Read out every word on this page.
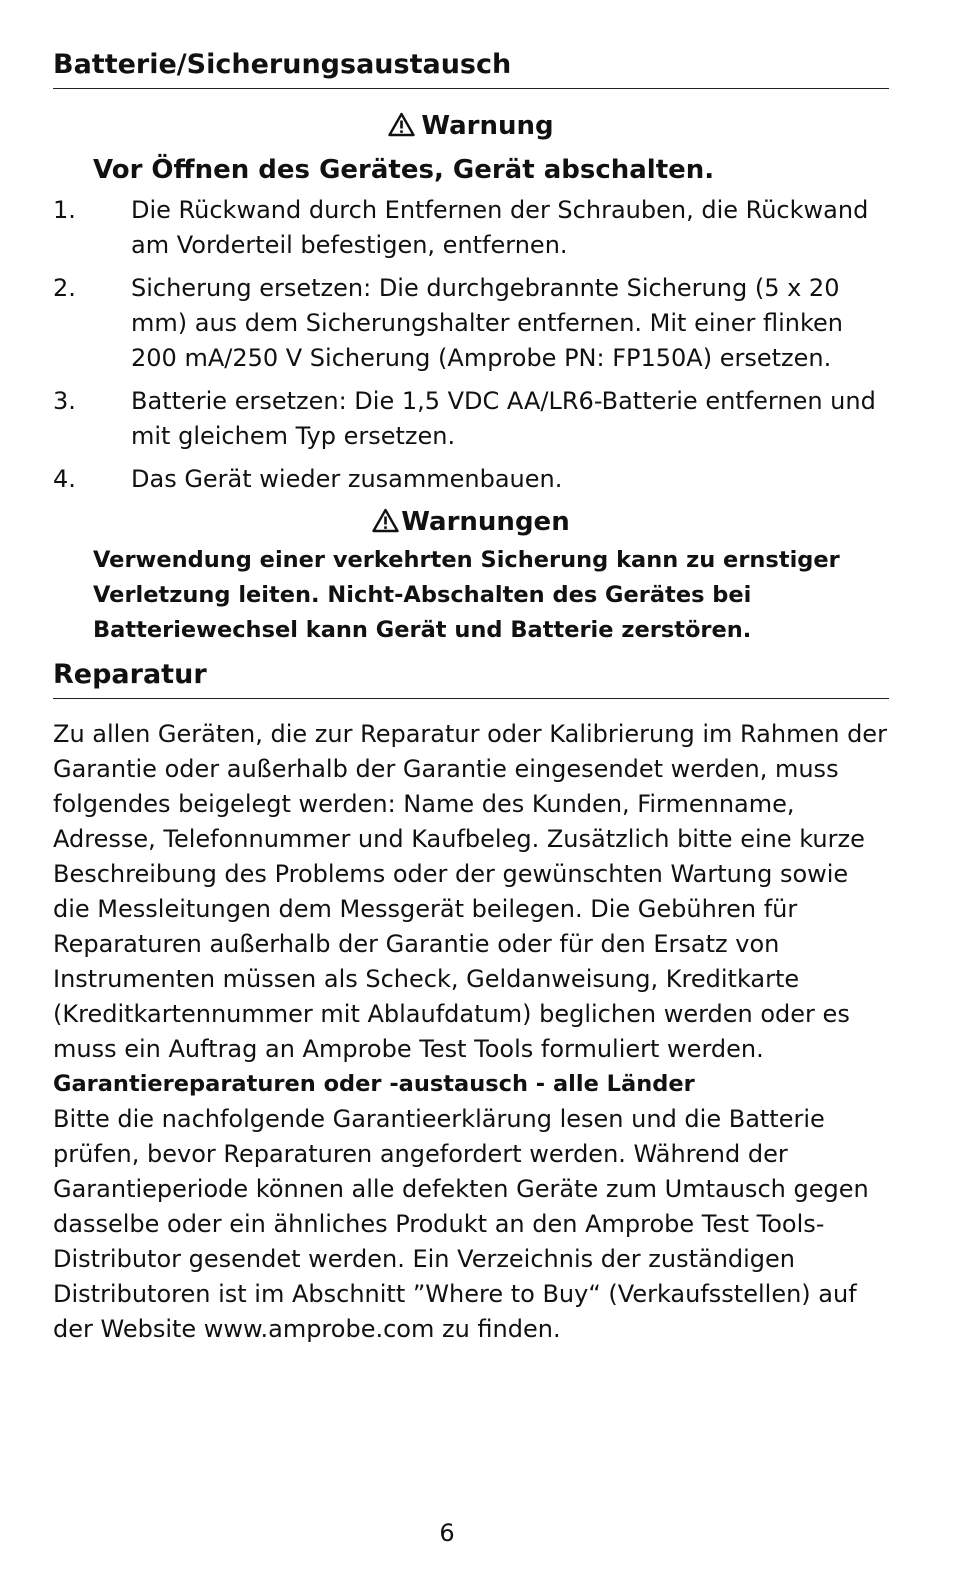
Batterie/Sicherungsaustausch
Warnung
Vor Öffnen des Gerätes, Gerät abschalten.
1.	Die Rückwand durch Entfernen der Schrauben, die Rückwand am Vorderteil befestigen, entfernen.
2.	Sicherung ersetzen: Die durchgebrannte Sicherung (5 x 20 mm) aus dem Sicherungshalter entfernen. Mit einer flinken 200 mA/250 V Sicherung (Amprobe PN: FP150A) ersetzen.
3.	Batterie ersetzen: Die 1,5 VDC AA/LR6-Batterie entfernen und mit gleichem Typ ersetzen.
4.	Das Gerät wieder zusammenbauen.
Warnungen
Verwendung einer verkehrten Sicherung kann zu ernstiger Verletzung leiten. Nicht-Abschalten des Gerätes bei Batteriewechsel kann Gerät und Batterie zerstören.
Reparatur
Zu allen Geräten, die zur Reparatur oder Kalibrierung im Rahmen der Garantie oder außerhalb der Garantie eingesendet werden, muss folgendes beigelegt werden: Name des Kunden, Firmenname, Adresse, Telefonnummer und Kaufbeleg. Zusätzlich bitte eine kurze Beschreibung des Problems oder der gewünschten Wartung sowie die Messleitungen dem Messgerät beilegen. Die Gebühren für Reparaturen außerhalb der Garantie oder für den Ersatz von Instrumenten müssen als Scheck, Geldanweisung, Kreditkarte (Kreditkartennummer mit Ablaufdatum) beglichen werden oder es muss ein Auftrag an Amprobe Test Tools formuliert werden.
Garantiereparaturen oder -austausch - alle Länder
Bitte die nachfolgende Garantieerklärung lesen und die Batterie prüfen, bevor Reparaturen angefordert werden. Während der Garantieperiode können alle defekten Geräte zum Umtausch gegen dasselbe oder ein ähnliches Produkt an den Amprobe Test Tools-Distributor gesendet werden. Ein Verzeichnis der zuständigen Distributoren ist im Abschnitt ”Where to Buy“ (Verkaufsstellen) auf der Website www.amprobe.com zu finden.
6
